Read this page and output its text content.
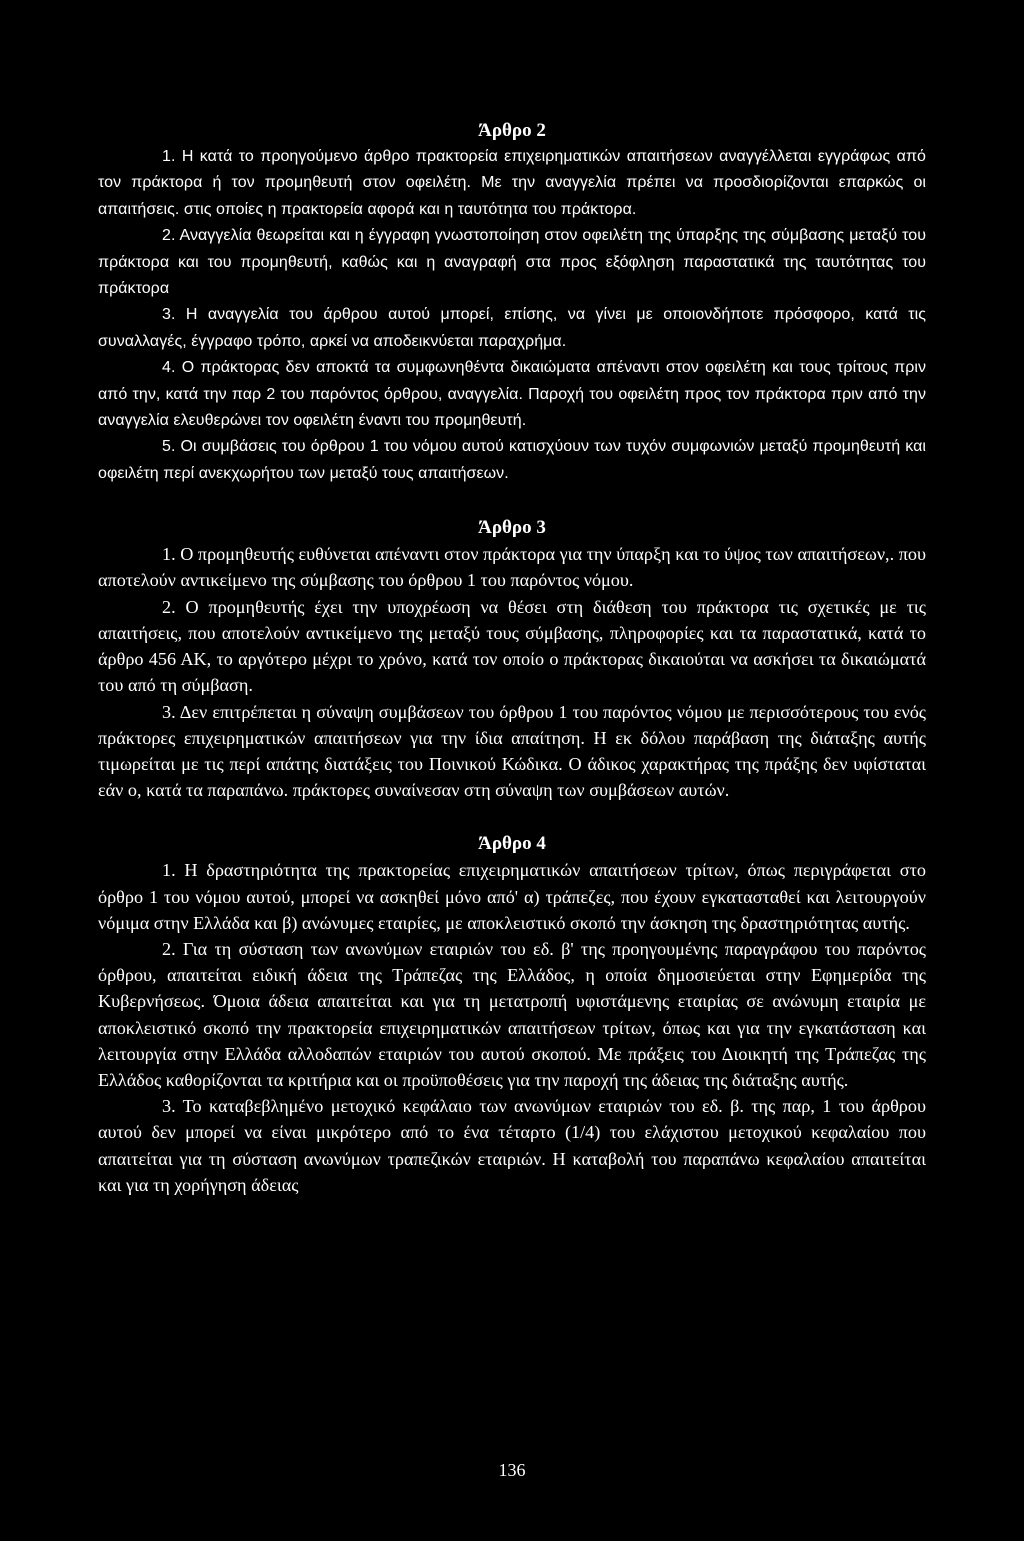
Άρθρο 2

1. Η κατά το προηγούμενο άρθρο πρακτορεία επιχειρηματικών απαιτήσεων αναγγέλλεται εγγράφως από τον πράκτορα ή τον προμηθευτή στον οφειλέτη. Με την αναγγελία πρέπει να προσδιορίζονται επαρκώς οι απαιτήσεις. στις οποίες η πρακτορεία αφορά και η ταυτότητα του πράκτορα.

2. Αναγγελία θεωρείται και η έγγραφη γνωστοποίηση στον οφειλέτη της ύπαρξης της σύμβασης μεταξύ του πράκτορα και του προμηθευτή, καθώς και η αναγραφή στα προς εξόφληση παραστατικά της ταυτότητας του πράκτορα

3. Η αναγγελία του άρθρου αυτού μπορεί, επίσης, να γίνει με οποιονδήποτε πρόσφορο, κατά τις συναλλαγές, έγγραφο τρόπο, αρκεί να αποδεικνύεται παραχρήμα.

4. Ο πράκτορας δεν αποκτά τα συμφωνηθέντα δικαιώματα απέναντι στον οφειλέτη και τους τρίτους πριν από την, κατά την παρ 2 του παρόντος όρθρου, αναγγελία. Παροχή του οφειλέτη προς τον πράκτορα πριν από την αναγγελία ελευθερώνει τον οφειλέτη έναντι του προμηθευτή.

5. Οι συμβάσεις του όρθρου 1 του νόμου αυτού κατισχύουν των τυχόν συμφωνιών μεταξύ προμηθευτή και οφειλέτη περί ανεκχωρήτου των μεταξύ τους απαιτήσεων.

Άρθρο 3

1. Ο προμηθευτής ευθύνεται απέναντι στον πράκτορα για την ύπαρξη και το ύψος των απαιτήσεων,. που αποτελούν αντικείμενο της σύμβασης του όρθρου 1 του παρόντος νόμου.

2. Ο προμηθευτής έχει την υποχρέωση να θέσει στη διάθεση του πράκτορα τις σχετικές με τις απαιτήσεις, που αποτελούν αντικείμενο της μεταξύ τους σύμβασης, πληροφορίες και τα παραστατικά, κατά το άρθρο 456 ΑΚ, το αργότερο μέχρι το χρόνο, κατά τον οποίο ο πράκτορας δικαιούται να ασκήσει τα δικαιώματά του από τη σύμβαση.

3. Δεν επιτρέπεται η σύναψη συμβάσεων του όρθρου 1 του παρόντος νόμου με περισσότερους του ενός πράκτορες επιχειρηματικών απαιτήσεων για την ίδια απαίτηση. Η εκ δόλου παράβαση της διάταξης αυτής τιμωρείται με τις περί απάτης διατάξεις του Ποινικού Κώδικα. Ο άδικος χαρακτήρας της πράξης δεν υφίσταται εάν ο, κατά τα παραπάνω. πράκτορες συναίνεσαν στη σύναψη των συμβάσεων αυτών.

Άρθρο 4

1. Η δραστηριότητα της πρακτορείας επιχειρηματικών απαιτήσεων τρίτων, όπως περιγράφεται στο όρθρο 1 του νόμου αυτού, μπορεί να ασκηθεί μόνο από' α) τράπεζες, που έχουν εγκατασταθεί και λειτουργούν νόμιμα στην Ελλάδα και β) ανώνυμες εταιρίες, με αποκλειστικό σκοπό την άσκηση της δραστηριότητας αυτής.

2. Για τη σύσταση των ανωνύμων εταιριών του εδ. β' της προηγουμένης παραγράφου του παρόντος όρθρου, απαιτείται ειδική άδεια της Τράπεζας της Ελλάδος, η οποία δημοσιεύεται στην Εφημερίδα της Κυβερνήσεως. Όμοια άδεια απαιτείται και για τη μετατροπή υφιστάμενης εταιρίας σε ανώνυμη εταιρία με αποκλειστικό σκοπό την πρακτορεία επιχειρηματικών απαιτήσεων τρίτων, όπως και για την εγκατάσταση και λειτουργία στην Ελλάδα αλλοδαπών εταιριών του αυτού σκοπού. Με πράξεις του Διοικητή της Τράπεζας της Ελλάδος καθορίζονται τα κριτήρια και οι προϋποθέσεις για την παροχή της άδειας της διάταξης αυτής.

3. Το καταβεβλημένο μετοχικό κεφάλαιο των ανωνύμων εταιριών του εδ. β. της παρ, 1 του άρθρου αυτού δεν μπορεί να είναι μικρότερο από το ένα τέταρτο (1/4) του ελάχιστου μετοχικού κεφαλαίου που απαιτείται για τη σύσταση ανωνύμων τραπεζικών εταιριών. Η καταβολή του παραπάνω κεφαλαίου απαιτείται και για τη χορήγηση άδειας

136
